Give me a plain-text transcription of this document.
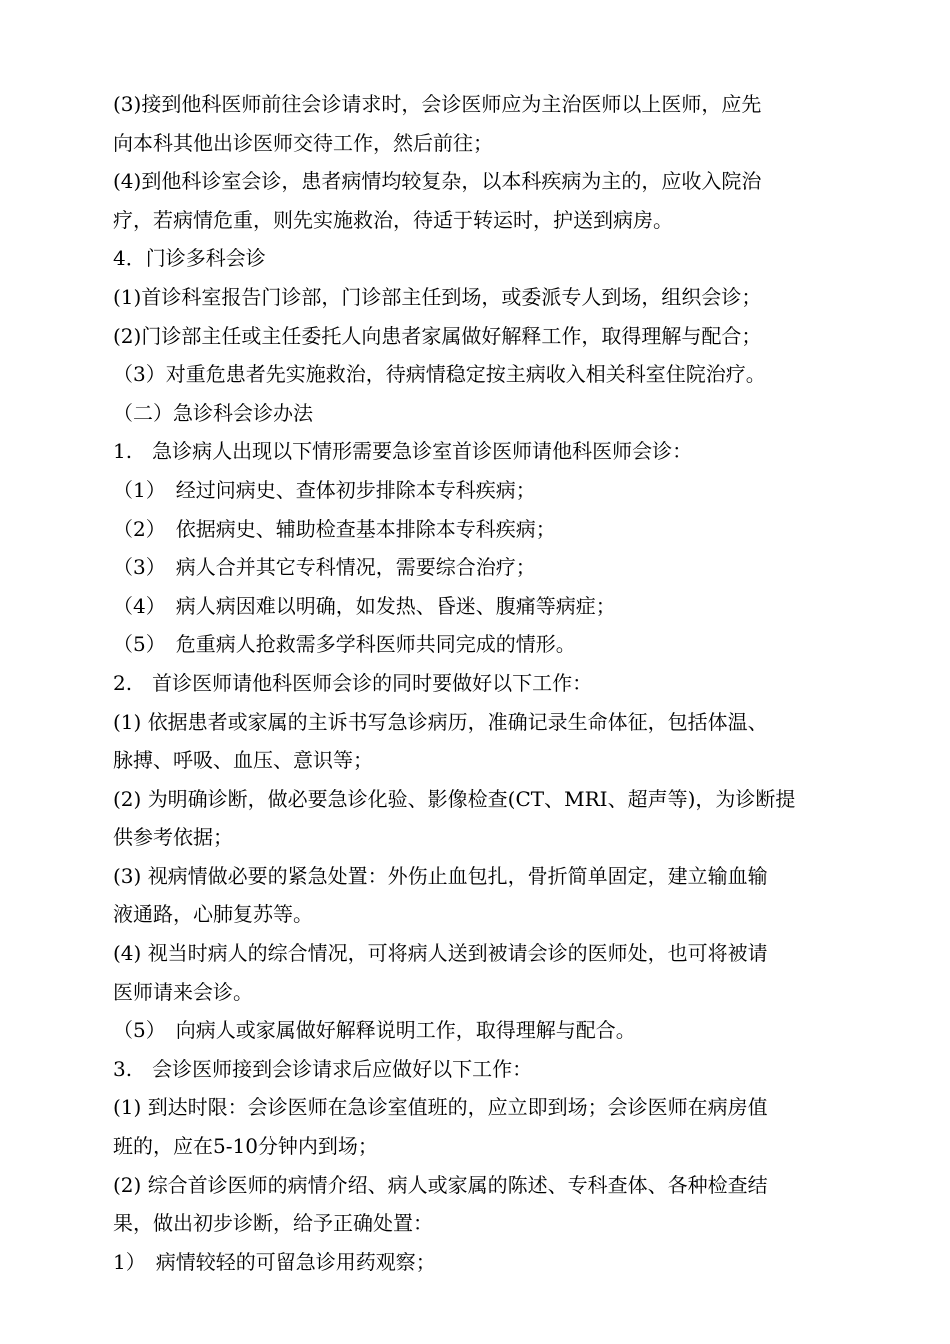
(3)接到他科医师前往会诊请求时，会诊医师应为主治医师以上医师，应先
向本科其他出诊医师交待工作，然后前往；
(4)到他科诊室会诊，患者病情均较复杂，以本科疾病为主的，应收入院治
疗，若病情危重，则先实施救治，待适于转运时，护送到病房。
4．门诊多科会诊
(1)首诊科室报告门诊部，门诊部主任到场，或委派专人到场，组织会诊；
(2)门诊部主任或主任委托人向患者家属做好解释工作，取得理解与配合；
（3）对重危患者先实施救治，待病情稳定按主病收入相关科室住院治疗。
（二）急诊科会诊办法
1.　急诊病人出现以下情形需要急诊室首诊医师请他科医师会诊：
（1）　经过问病史、查体初步排除本专科疾病；
（2）　依据病史、辅助检查基本排除本专科疾病；
（3）　病人合并其它专科情况，需要综合治疗；
（4）　病人病因难以明确，如发热、昏迷、腹痛等病症；
（5）　危重病人抢救需多学科医师共同完成的情形。
2.　首诊医师请他科医师会诊的同时要做好以下工作：
(1) 依据患者或家属的主诉书写急诊病历，准确记录生命体征，包括体温、
脉搏、呼吸、血压、意识等；
(2) 为明确诊断，做必要急诊化验、影像检查(CT、MRI、超声等)，为诊断提
供参考依据；
(3) 视病情做必要的紧急处置：外伤止血包扎，骨折简单固定，建立输血输
液通路，心肺复苏等。
(4) 视当时病人的综合情况，可将病人送到被请会诊的医师处，也可将被请
医师请来会诊。
（5）　向病人或家属做好解释说明工作，取得理解与配合。
3.　会诊医师接到会诊请求后应做好以下工作：
(1) 到达时限：会诊医师在急诊室值班的，应立即到场；会诊医师在病房值
班的，应在5-10分钟内到场；
(2) 综合首诊医师的病情介绍、病人或家属的陈述、专科查体、各种检查结
果，做出初步诊断，给予正确处置：
1）　病情较轻的可留急诊用药观察；
